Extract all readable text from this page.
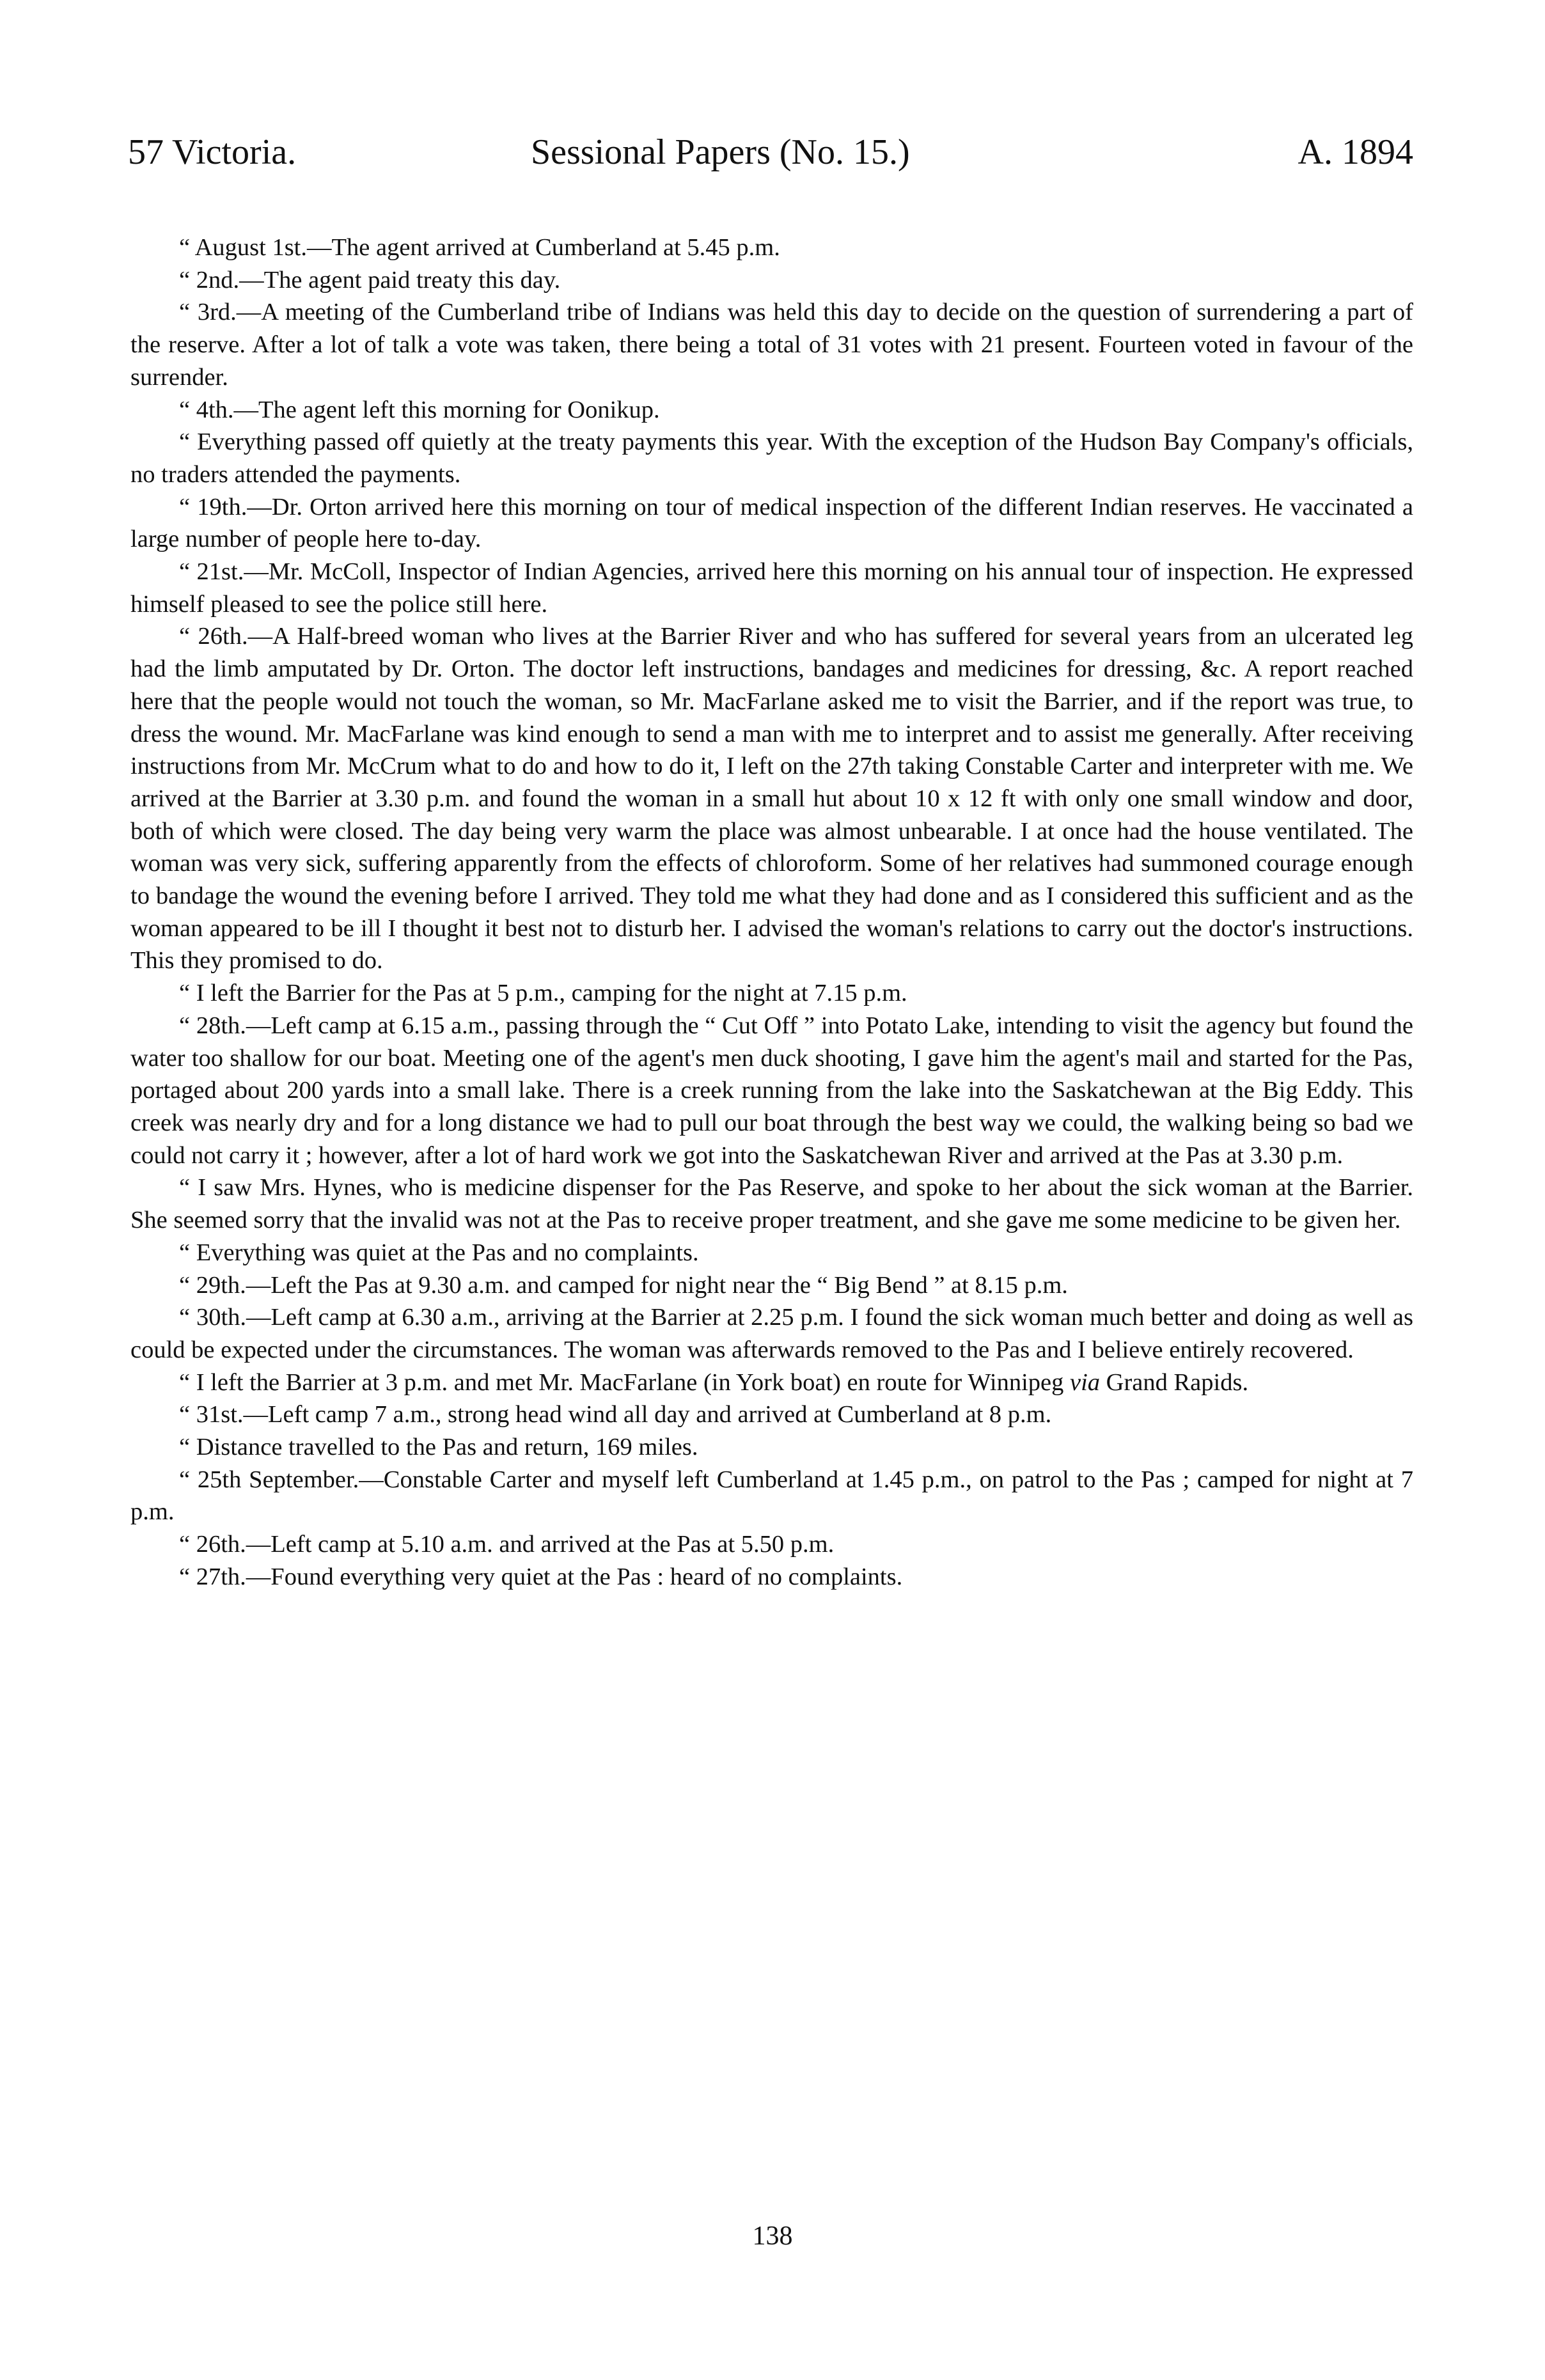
57 Victoria.	Sessional Papers (No. 15.)	A. 1894

“ August 1st.—The agent arrived at Cumberland at 5.45 p.m.

“ 2nd.—The agent paid treaty this day.

“ 3rd.—A meeting of the Cumberland tribe of Indians was held this day to decide on the question of surrendering a part of the reserve. After a lot of talk a vote was taken, there being a total of 31 votes with 21 present. Fourteen voted in favour of the surrender.

“ 4th.—The agent left this morning for Oonikup.

“ Everything passed off quietly at the treaty payments this year. With the exception of the Hudson Bay Company's officials, no traders attended the payments.

“ 19th.—Dr. Orton arrived here this morning on tour of medical inspection of the different Indian reserves. He vaccinated a large number of people here to-day.

“ 21st.—Mr. McColl, Inspector of Indian Agencies, arrived here this morning on his annual tour of inspection. He expressed himself pleased to see the police still here.

“ 26th.—A Half-breed woman who lives at the Barrier River and who has suffered for several years from an ulcerated leg had the limb amputated by Dr. Orton. The doctor left instructions, bandages and medicines for dressing, &c. A report reached here that the people would not touch the woman, so Mr. MacFarlane asked me to visit the Barrier, and if the report was true, to dress the wound. Mr. MacFarlane was kind enough to send a man with me to interpret and to assist me generally. After receiving instructions from Mr. McCrum what to do and how to do it, I left on the 27th taking Constable Carter and interpreter with me. We arrived at the Barrier at 3.30 p.m. and found the woman in a small hut about 10 x 12 ft with only one small window and door, both of which were closed. The day being very warm the place was almost unbearable. I at once had the house ventilated. The woman was very sick, suffering apparently from the effects of chloroform. Some of her relatives had summoned courage enough to bandage the wound the evening before I arrived. They told me what they had done and as I considered this sufficient and as the woman appeared to be ill I thought it best not to disturb her. I advised the woman's relations to carry out the doctor's instructions. This they promised to do.

“ I left the Barrier for the Pas at 5 p.m., camping for the night at 7.15 p.m.

“ 28th.—Left camp at 6.15 a.m., passing through the “ Cut Off ” into Potato Lake, intending to visit the agency but found the water too shallow for our boat. Meeting one of the agent's men duck shooting, I gave him the agent's mail and started for the Pas, portaged about 200 yards into a small lake. There is a creek running from the lake into the Saskatchewan at the Big Eddy. This creek was nearly dry and for a long distance we had to pull our boat through the best way we could, the walking being so bad we could not carry it ; however, after a lot of hard work we got into the Saskatchewan River and arrived at the Pas at 3.30 p.m.

“ I saw Mrs. Hynes, who is medicine dispenser for the Pas Reserve, and spoke to her about the sick woman at the Barrier. She seemed sorry that the invalid was not at the Pas to receive proper treatment, and she gave me some medicine to be given her.

“ Everything was quiet at the Pas and no complaints.

“ 29th.—Left the Pas at 9.30 a.m. and camped for night near the “ Big Bend ” at 8.15 p.m.

“ 30th.—Left camp at 6.30 a.m., arriving at the Barrier at 2.25 p.m. I found the sick woman much better and doing as well as could be expected under the circumstances. The woman was afterwards removed to the Pas and I believe entirely recovered.

“ I left the Barrier at 3 p.m. and met Mr. MacFarlane (in York boat) en route for Winnipeg via Grand Rapids.

“ 31st.—Left camp 7 a.m., strong head wind all day and arrived at Cumberland at 8 p.m.

“ Distance travelled to the Pas and return, 169 miles.

“ 25th September.—Constable Carter and myself left Cumberland at 1.45 p.m., on patrol to the Pas ; camped for night at 7 p.m.

“ 26th.—Left camp at 5.10 a.m. and arrived at the Pas at 5.50 p.m.

“ 27th.—Found everything very quiet at the Pas : heard of no complaints.

138
